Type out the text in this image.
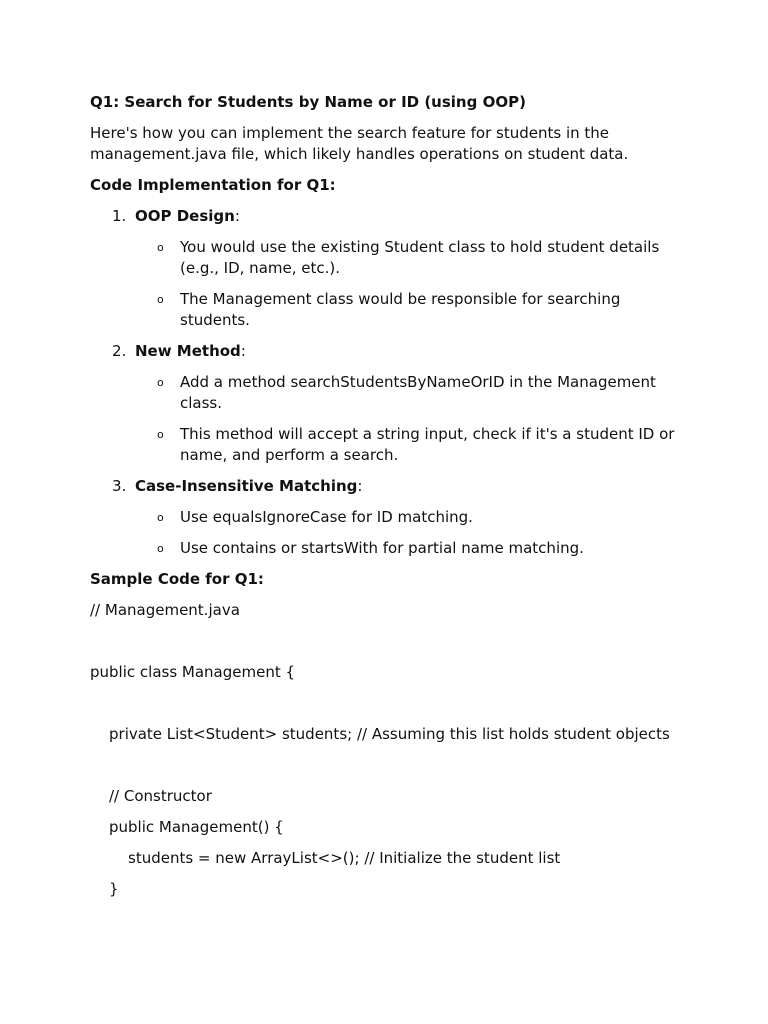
Q1: Search for Students by Name or ID (using OOP)

Here's how you can implement the search feature for students in the management.java file, which likely handles operations on student data.

Code Implementation for Q1:

1. OOP Design:
o You would use the existing Student class to hold student details (e.g., ID, name, etc.).

o The Management class would be responsible for searching students.

2. New Method:
o Add a method searchStudentsByNameOrID in the Management class.

o This method will accept a string input, check if it's a student ID or name, and perform a search.

3. Case-Insensitive Matching:
o Use equalsIgnoreCase for ID matching.

o Use contains or startsWith for partial name matching.

Sample Code for Q1:

// Management.java

public class Management {

private List<Student> students; // Assuming this list holds student objects

// Constructor

public Management() {

students = new ArrayList<>(); // Initialize the student list

}
